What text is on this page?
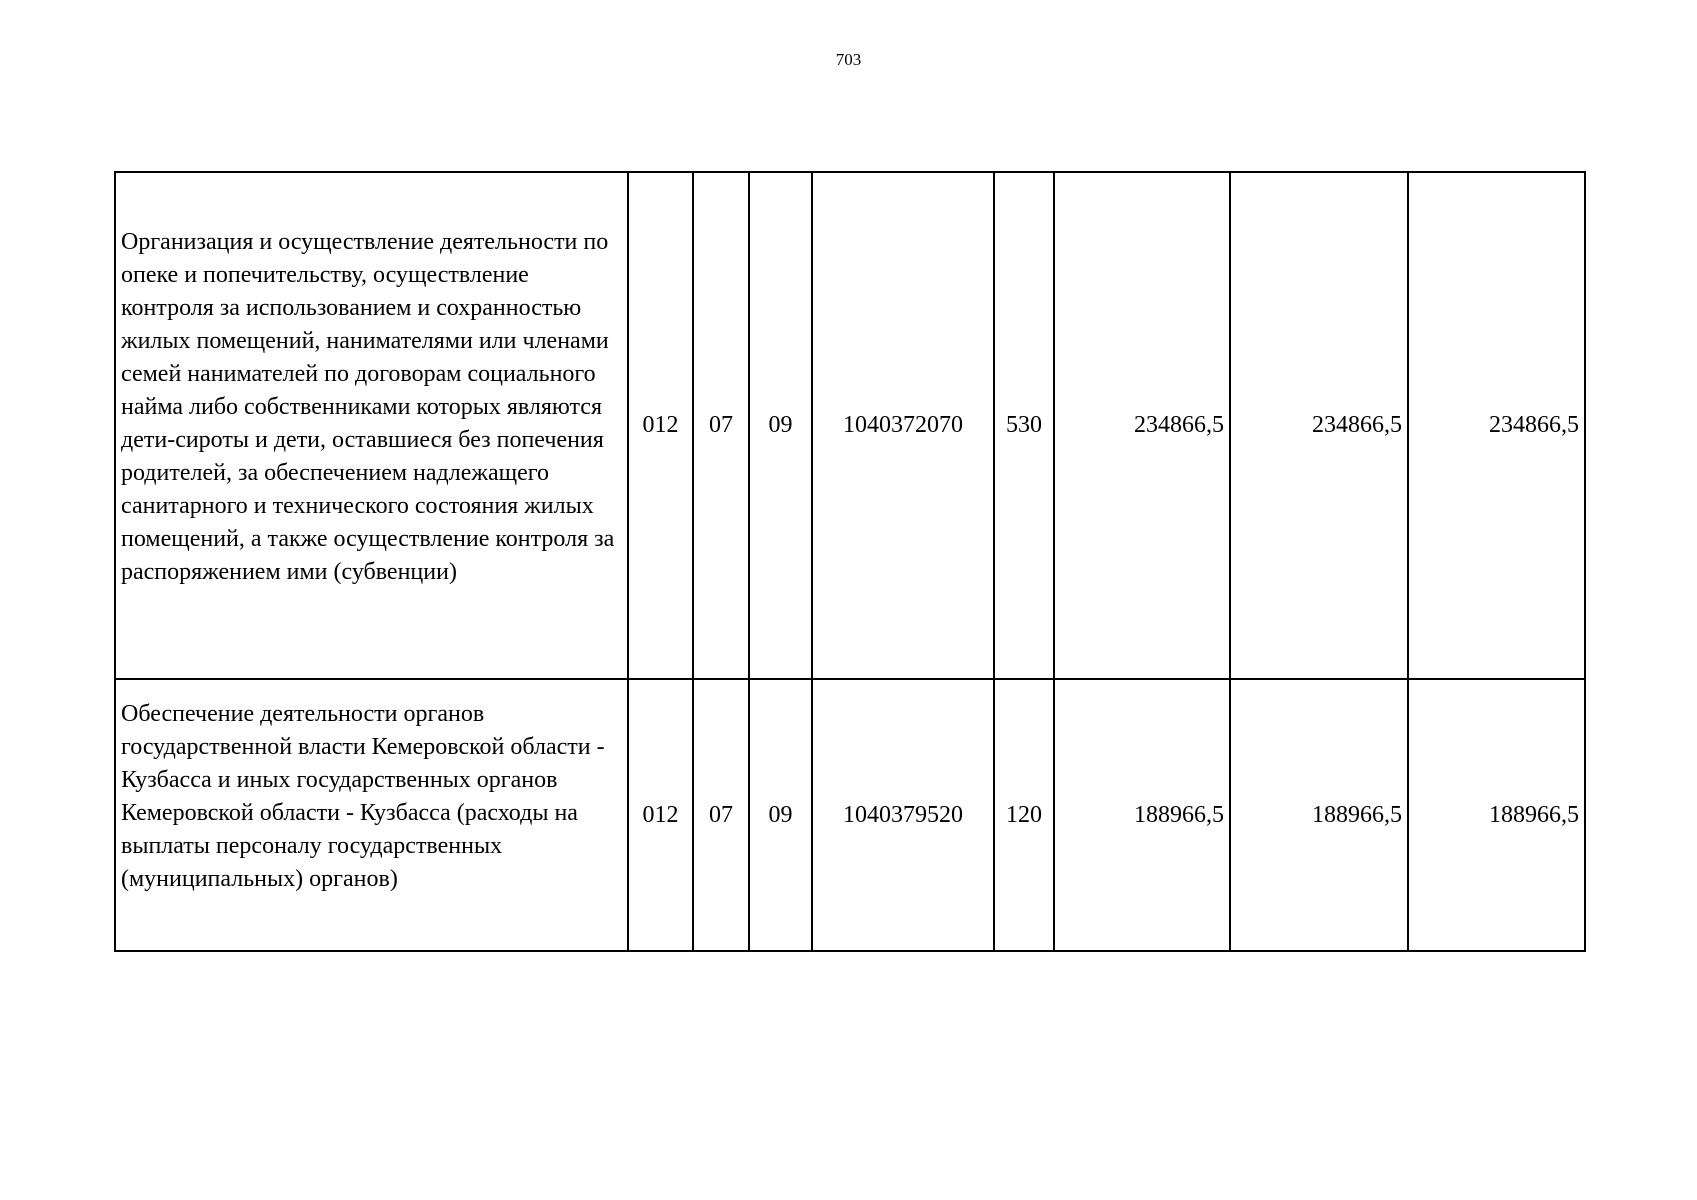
703
Организация и осуществление деятельности по опеке и попечительству, осуществление контроля за использованием и сохранностью жилых помещений, нанимателями или членами семей нанимателей по договорам социального найма либо собственниками которых являются дети-сироты и дети, оставшиеся без попечения родителей, за обеспечением надлежащего санитарного и технического состояния жилых помещений, а также осуществление контроля за распоряжением ими (субвенции)	012	07	09	1040372070	530	234866,5	234866,5	234866,5
Обеспечение деятельности органов государственной власти Кемеровской области - Кузбасса и иных государственных органов Кемеровской области - Кузбасса (расходы на выплаты персоналу государственных (муниципальных) органов)	012	07	09	1040379520	120	188966,5	188966,5	188966,5
